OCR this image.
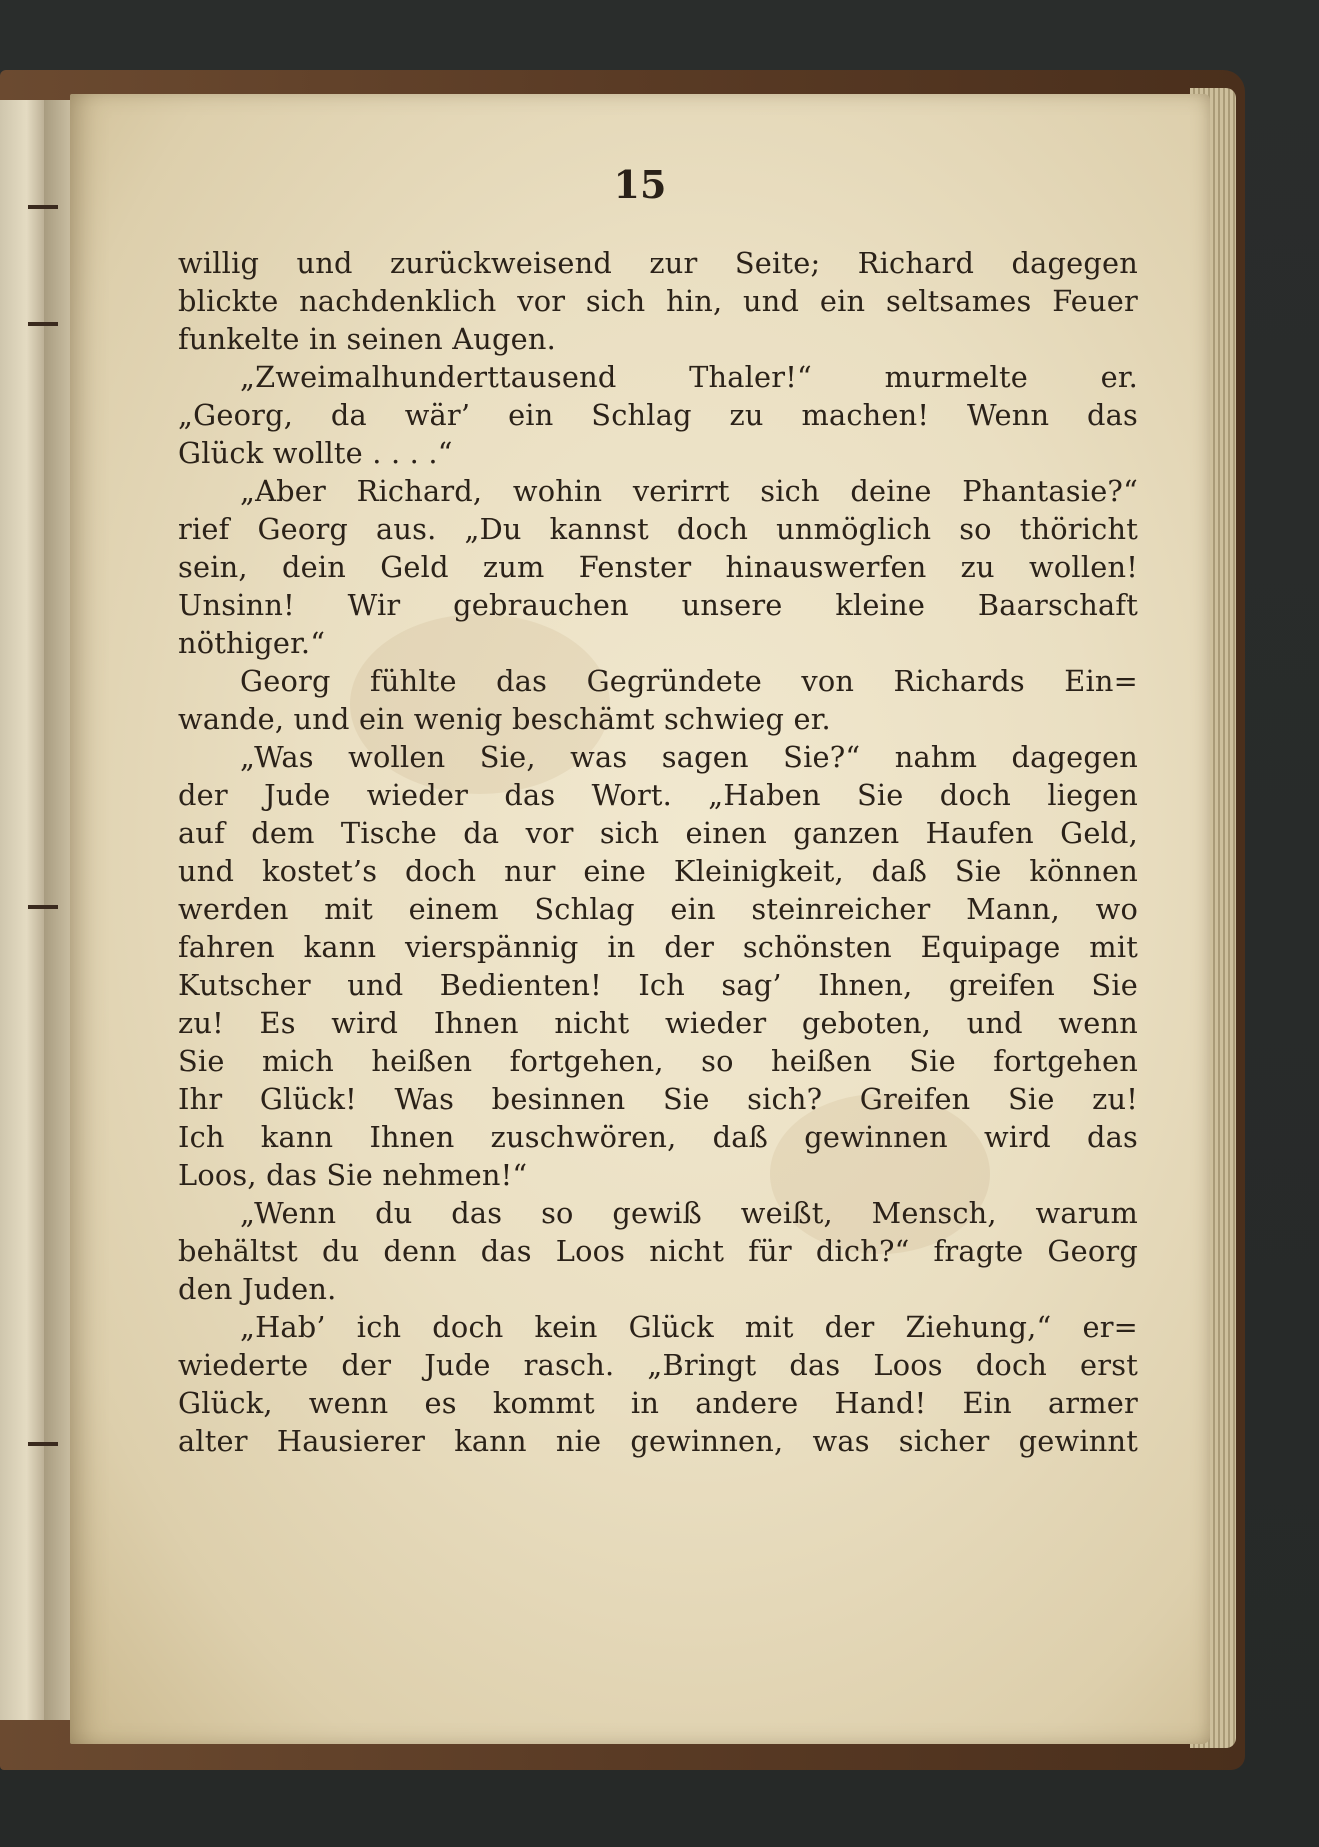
15
willig und zurückweisend zur Seite; Richard dagegen
blickte nachdenklich vor sich hin, und ein seltsames Feuer
funkelte in seinen Augen.
„Zweimalhunderttausend Thaler!“ murmelte er.
„Georg, da wär’ ein Schlag zu machen! Wenn das
Glück wollte . . . .“
„Aber Richard, wohin verirrt sich deine Phantasie?“
rief Georg aus. „Du kannst doch unmöglich so thöricht
sein, dein Geld zum Fenster hinauswerfen zu wollen!
Unsinn! Wir gebrauchen unsere kleine Baarschaft
nöthiger.“
Georg fühlte das Gegründete von Richards Ein=
wande, und ein wenig beschämt schwieg er.
„Was wollen Sie, was sagen Sie?“ nahm dagegen
der Jude wieder das Wort. „Haben Sie doch liegen
auf dem Tische da vor sich einen ganzen Haufen Geld,
und kostet’s doch nur eine Kleinigkeit, daß Sie können
werden mit einem Schlag ein steinreicher Mann, wo
fahren kann vierspännig in der schönsten Equipage mit
Kutscher und Bedienten! Ich sag’ Ihnen, greifen Sie
zu! Es wird Ihnen nicht wieder geboten, und wenn
Sie mich heißen fortgehen, so heißen Sie fortgehen
Ihr Glück! Was besinnen Sie sich? Greifen Sie zu!
Ich kann Ihnen zuschwören, daß gewinnen wird das
Loos, das Sie nehmen!“
„Wenn du das so gewiß weißt, Mensch, warum
behältst du denn das Loos nicht für dich?“ fragte Georg
den Juden.
„Hab’ ich doch kein Glück mit der Ziehung,“ er=
wiederte der Jude rasch. „Bringt das Loos doch erst
Glück, wenn es kommt in andere Hand! Ein armer
alter Hausierer kann nie gewinnen, was sicher gewinnt
